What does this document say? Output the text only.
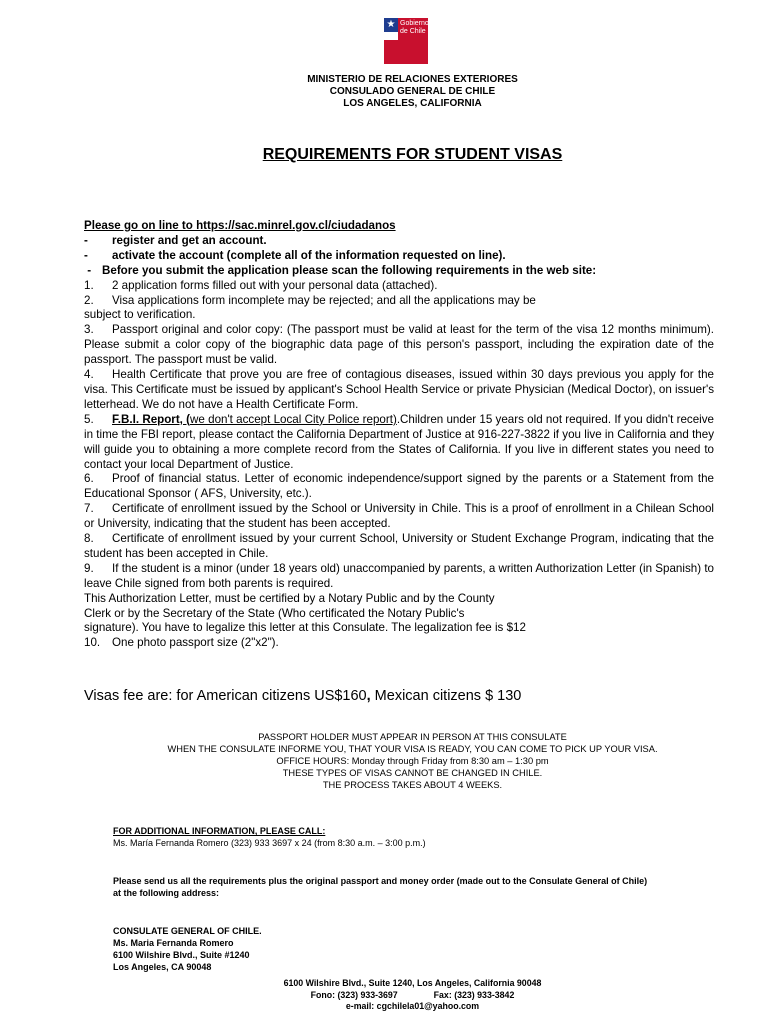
★ Gobierno
de Chile
MINISTERIO DE RELACIONES EXTERIORES
CONSULADO GENERAL DE CHILE
LOS ANGELES, CALIFORNIA
REQUIREMENTS FOR STUDENT VISAS

Please go on line to https://sac.minrel.gov.cl/ciudadanos

- register and get an account.

- activate the account (complete all of the information requested on line).

- Before you submit the application please scan the following requirements in the web site:

1. 2 application forms filled out with your personal data (attached).

2. Visa applications form incomplete may be rejected; and all the applications may be

subject to verification.

3. Passport original and color copy: (The passport must be valid at least for the term of the visa 12 months minimum). Please submit a color copy of the biographic data page of this person's passport, including the expiration date of the passport. The passport must be valid.

4. Health Certificate that prove you are free of contagious diseases, issued within 30 days previous you apply for the visa. This Certificate must be issued by applicant's School Health Service or private Physician (Medical Doctor), on issuer's letterhead. We do not have a Health Certificate Form.

5. F.B.I. Report, (we don't accept Local City Police report).Children under 15 years old not required. If you didn't receive in time the FBI report, please contact the California Department of Justice at 916-227-3822 if you live in California and they will guide you to obtaining a more complete record from the States of California. If you live in different states you need to contact your local Department of Justice.

6. Proof of financial status. Letter of economic independence/support signed by the parents or a Statement from the Educational Sponsor ( AFS, University, etc.).

7. Certificate of enrollment issued by the School or University in Chile. This is a proof of enrollment in a Chilean School or University, indicating that the student has been accepted.

8. Certificate of enrollment issued by your current School, University or Student Exchange Program, indicating that the student has been accepted in Chile.

9. If the student is a minor (under 18 years old) unaccompanied by parents, a written Authorization Letter (in Spanish) to leave Chile signed from both parents is required.

This Authorization Letter, must be certified by a Notary Public and by the County

Clerk or by the Secretary of the State (Who certificated the Notary Public's

signature). You have to legalize this letter at this Consulate. The legalization fee is $12

10. One photo passport size (2"x2").

Visas fee are: for American citizens US$160, Mexican citizens $ 130
PASSPORT HOLDER MUST APPEAR IN PERSON AT THIS CONSULATE
WHEN THE CONSULATE INFORME YOU, THAT YOUR VISA IS READY, YOU CAN COME TO PICK UP YOUR VISA.
OFFICE HOURS: Monday through Friday from 8:30 am – 1:30 pm
THESE TYPES OF VISAS CANNOT BE CHANGED IN CHILE.
THE PROCESS TAKES ABOUT 4 WEEKS.

FOR ADDITIONAL INFORMATION, PLEASE CALL:

Ms. María Fernanda Romero (323) 933 3697 x 24 (from 8:30 a.m. – 3:00 p.m.)

Please send us all the requirements plus the original passport and money order (made out to the Consulate General of Chile)

at the following address:

CONSULATE GENERAL OF CHILE.

Ms. Maria Fernanda Romero

6100 Wilshire Blvd., Suite #1240

Los Angeles, CA 90048

6100 Wilshire Blvd., Suite 1240, Los Angeles, California 90048
Fono: (323) 933-3697	Fax: (323) 933-3842
e-mail: cgchilela01@yahoo.com
